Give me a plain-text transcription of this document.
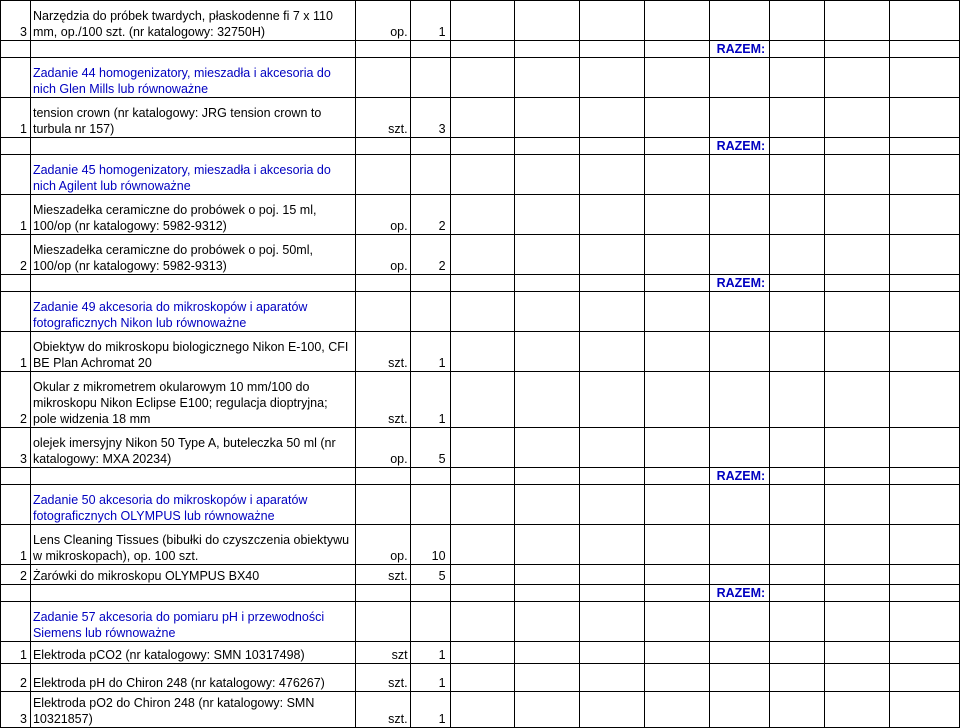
3	Narzędzia do próbek twardych, płaskodenne fi 7 x 110 mm, op./100 szt. (nr katalogowy: 32750H)	op.	1								
								RAZEM:			
	Zadanie 44 homogenizatory, mieszadła i akcesoria do nich Glen Mills lub równoważne										
1	tension crown (nr katalogowy: JRG tension crown to turbula nr 157)	szt.	3								
								RAZEM:			
	Zadanie 45 homogenizatory, mieszadła i akcesoria do nich Agilent lub równoważne										
1	Mieszadełka ceramiczne do probówek o poj. 15 ml, 100/op (nr katalogowy: 5982-9312)	op.	2								
2	Mieszadełka ceramiczne do probówek o poj. 50ml, 100/op (nr katalogowy: 5982-9313)	op.	2								
								RAZEM:			
	Zadanie 49 akcesoria do mikroskopów i aparatów fotograficznych Nikon lub równoważne										
1	Obiektyw do mikroskopu biologicznego Nikon E-100, CFI BE Plan Achromat 20	szt.	1								
2	Okular z mikrometrem okularowym 10 mm/100 do mikroskopu Nikon Eclipse E100; regulacja dioptryjna; pole widzenia 18 mm	szt.	1								
3	olejek imersyjny Nikon 50 Type A, buteleczka 50 ml (nr katalogowy: MXA 20234)	op.	5								
								RAZEM:			
	Zadanie 50 akcesoria do mikroskopów i aparatów fotograficznych OLYMPUS lub równoważne										
1	Lens Cleaning Tissues (bibułki do czyszczenia obiektywu w mikroskopach), op. 100 szt.	op.	10								
2	Żarówki do mikroskopu OLYMPUS BX40	szt.	5								
								RAZEM:			
	Zadanie 57 akcesoria do pomiaru pH i przewodności Siemens lub równoważne										
1	Elektroda pCO2 (nr katalogowy: SMN 10317498)	szt	1								
2	Elektroda pH do Chiron 248 (nr katalogowy: 476267)	szt.	1								
3	Elektroda pO2 do Chiron 248 (nr katalogowy: SMN 10321857)	szt.	1								
